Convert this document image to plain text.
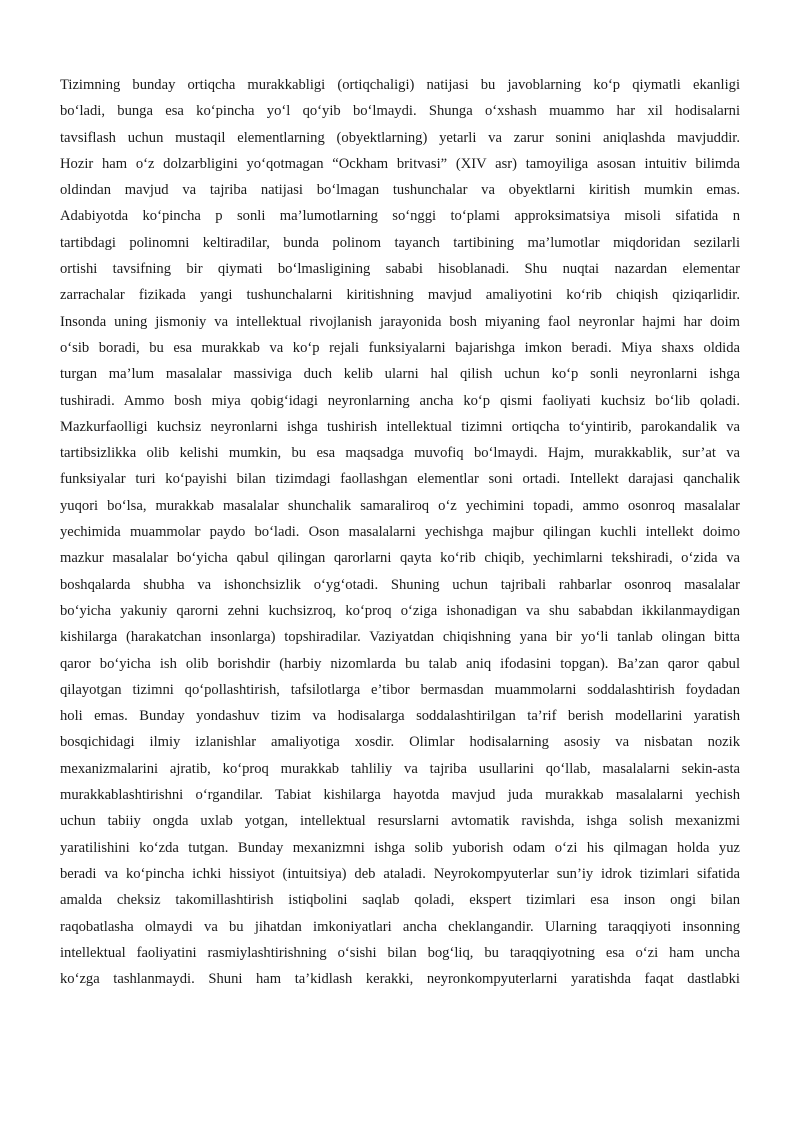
Tizimning bunday ortiqcha murakkabligi (ortiqchaligi) natijasi bu javoblarning ko‘p qiymatli ekanligi
bo‘ladi, bunga esa ko‘pincha yo‘l qo‘yib bo‘lmaydi. Shunga o‘xshash muammo har xil hodisalarni
tavsiflash uchun mustaqil elementlarning (obyektlarning) yetarli va zarur sonini aniqlashda mavjuddir.
Hozir ham o‘z dolzarbligini yo‘qotmagan “Ockham britvasi” (XIV asr) tamoyiliga asosan intuitiv bilimda
oldindan mavjud va tajriba natijasi bo‘lmagan tushunchalar va obyektlarni kiritish mumkin emas.
Adabiyotda ko‘pincha p sonli ma’lumotlarning so‘nggi to‘plami approksimatsiya misoli sifatida n
tartibdagi polinomni keltiradilar, bunda polinom tayanch tartibining ma’lumotlar miqdoridan sezilarli
ortishi tavsifning bir qiymati bo‘lmasligining sababi hisoblanadi. Shu nuqtai nazardan elementar
zarrachalar fizikada yangi tushunchalarni kiritishning mavjud amaliyotini ko‘rib chiqish qiziqarlidir.
Insonda uning jismoniy va intellektual rivojlanish jarayonida bosh miyaning faol neyronlar hajmi har doim
o‘sib boradi, bu esa murakkab va ko‘p rejali funksiyalarni bajarishga imkon beradi. Miya shaxs oldida
turgan ma’lum masalalar massiviga duch kelib ularni hal qilish uchun ko‘p sonli neyronlarni ishga
tushiradi. Ammo bosh miya qobig‘idagi neyronlarning ancha ko‘p qismi faoliyati kuchsiz bo‘lib qoladi.
Mazkurfaolligi kuchsiz neyronlarni ishga tushirish intellektual tizimni ortiqcha to‘yintirib, parokandalik va
tartibsizlikka olib kelishi mumkin, bu esa maqsadga muvofiq bo‘lmaydi. Hajm, murakkablik, sur’at va
funksiyalar turi ko‘payishi bilan tizimdagi faollashgan elementlar soni ortadi. Intellekt darajasi qanchalik
yuqori bo‘lsa, murakkab masalalar shunchalik samaraliroq o‘z yechimini topadi, ammo osonroq masalalar
yechimida muammolar paydo bo‘ladi. Oson masalalarni yechishga majbur qilingan kuchli intellekt doimo
mazkur masalalar bo‘yicha qabul qilingan qarorlarni qayta ko‘rib chiqib, yechimlarni tekshiradi, o‘zida va
boshqalarda shubha va ishonchsizlik o‘yg‘otadi. Shuning uchun tajribali rahbarlar osonroq masalalar
bo‘yicha yakuniy qarorni zehni kuchsizroq, ko‘proq o‘ziga ishonadigan va shu sababdan ikkilanmaydigan
kishilarga (harakatchan insonlarga) topshiradilar. Vaziyatdan chiqishning yana bir yo‘li tanlab olingan bitta
qaror bo‘yicha ish olib borishdir (harbiy nizomlarda bu talab aniq ifodasini topgan). Ba’zan qaror qabul
qilayotgan tizimni qo‘pollashtirish, tafsilotlarga e’tibor bermasdan muammolarni soddalashtirish foydadan
holi emas. Bunday yondashuv tizim va hodisalarga soddalashtirilgan ta’rif berish modellarini yaratish
bosqichidagi ilmiy izlanishlar amaliyotiga xosdir. Olimlar hodisalarning asosiy va nisbatan nozik
mexanizmalarini ajratib, ko‘proq murakkab tahliliy va tajriba usullarini qo‘llab, masalalarni sekin-asta
murakkablashtirishni o‘rgandilar. Tabiat kishilarga hayotda mavjud juda murakkab masalalarni yechish
uchun tabiiy ongda uxlab yotgan, intellektual resurslarni avtomatik ravishda, ishga solish mexanizmi
yaratilishini ko‘zda tutgan. Bunday mexanizmni ishga solib yuborish odam o‘zi his qilmagan holda yuz
beradi va ko‘pincha ichki hissiyot (intuitsiya) deb ataladi. Neyrokompyuterlar sun’iy idrok tizimlari sifatida
amalda cheksiz takomillashtirish istiqbolini saqlab qoladi, ekspert tizimlari esa inson ongi bilan
raqobatlasha olmaydi va bu jihatdan imkoniyatlari ancha cheklangandir. Ularning taraqqiyoti insonning
intellektual faoliyatini rasmiylashtirishning o‘sishi bilan bog‘liq, bu taraqqiyotning esa o‘zi ham uncha
ko‘zga tashlanmaydi. Shuni ham ta’kidlash kerakki, neyronkompyuterlarni yaratishda faqat dastlabki
